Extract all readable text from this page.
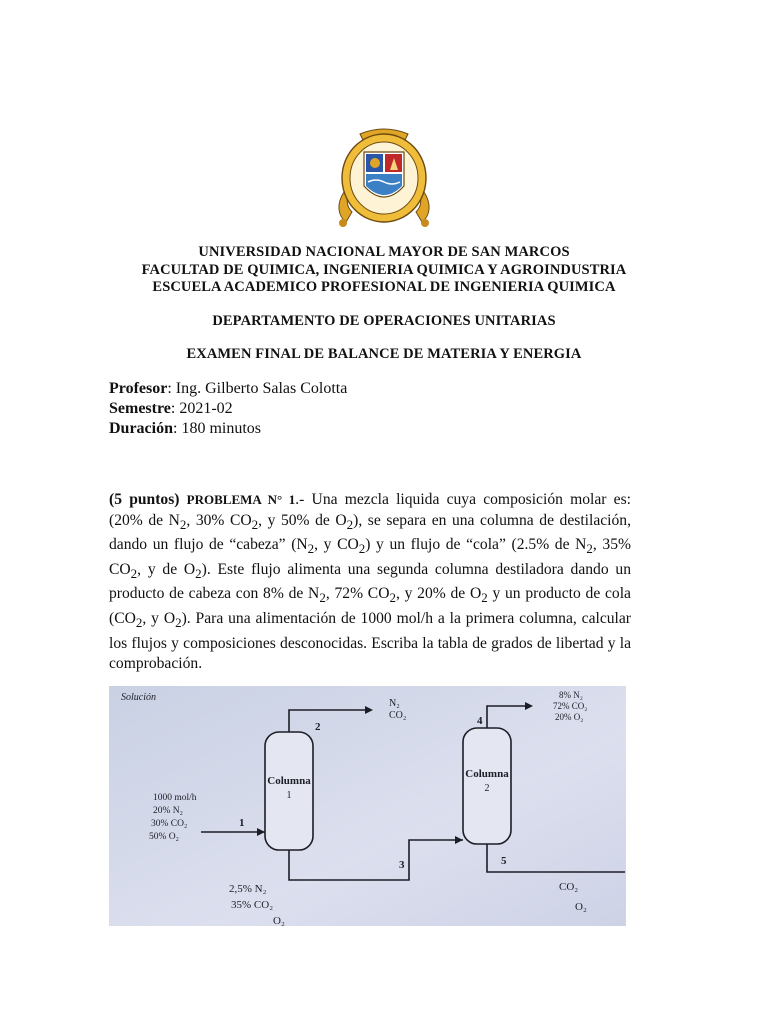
UNIVERSIDAD NACIONAL MAYOR DE SAN MARCOS
FACULTAD DE QUIMICA, INGENIERIA QUIMICA Y AGROINDUSTRIA
ESCUELA ACADEMICO PROFESIONAL DE INGENIERIA QUIMICA
DEPARTAMENTO DE OPERACIONES UNITARIAS
EXAMEN FINAL DE BALANCE DE MATERIA Y ENERGIA
Profesor: Ing. Gilberto Salas Colotta
Semestre: 2021-02
Duración: 180 minutos
(5 puntos) PROBLEMA N° 1.- Una mezcla liquida cuya composición molar es: (20% de $N_2$, 30% $CO_2$, y 50% de $O_2$), se separa en una columna de destilación, dando un flujo de “cabeza” ($N_2$, y $CO_2$) y un flujo de “cola” (2.5% de $N_2$, 35% $CO_2$, y de $O_2$). Este flujo alimenta una segunda columna destiladora dando un producto de cabeza con 8% de $N_2$, 72% $CO_2$, y 20% de $O_2$ y un producto de cola ($CO_2$, y $O_2$). Para una alimentación de 1000 mol/h a la primera columna, calcular los flujos y composiciones desconocidas. Escriba la tabla de grados de libertad y la comprobación.
Solución
Columna
1
Columna
2
1000 mol/h
20% N₂
30% CO₂
50% O₂
1
2
N₂
CO₂
3
4
8% N₂
72% CO₂
20% O₂
5
CO₂
O₂
2,5% N₂
35% CO₂
O₂
